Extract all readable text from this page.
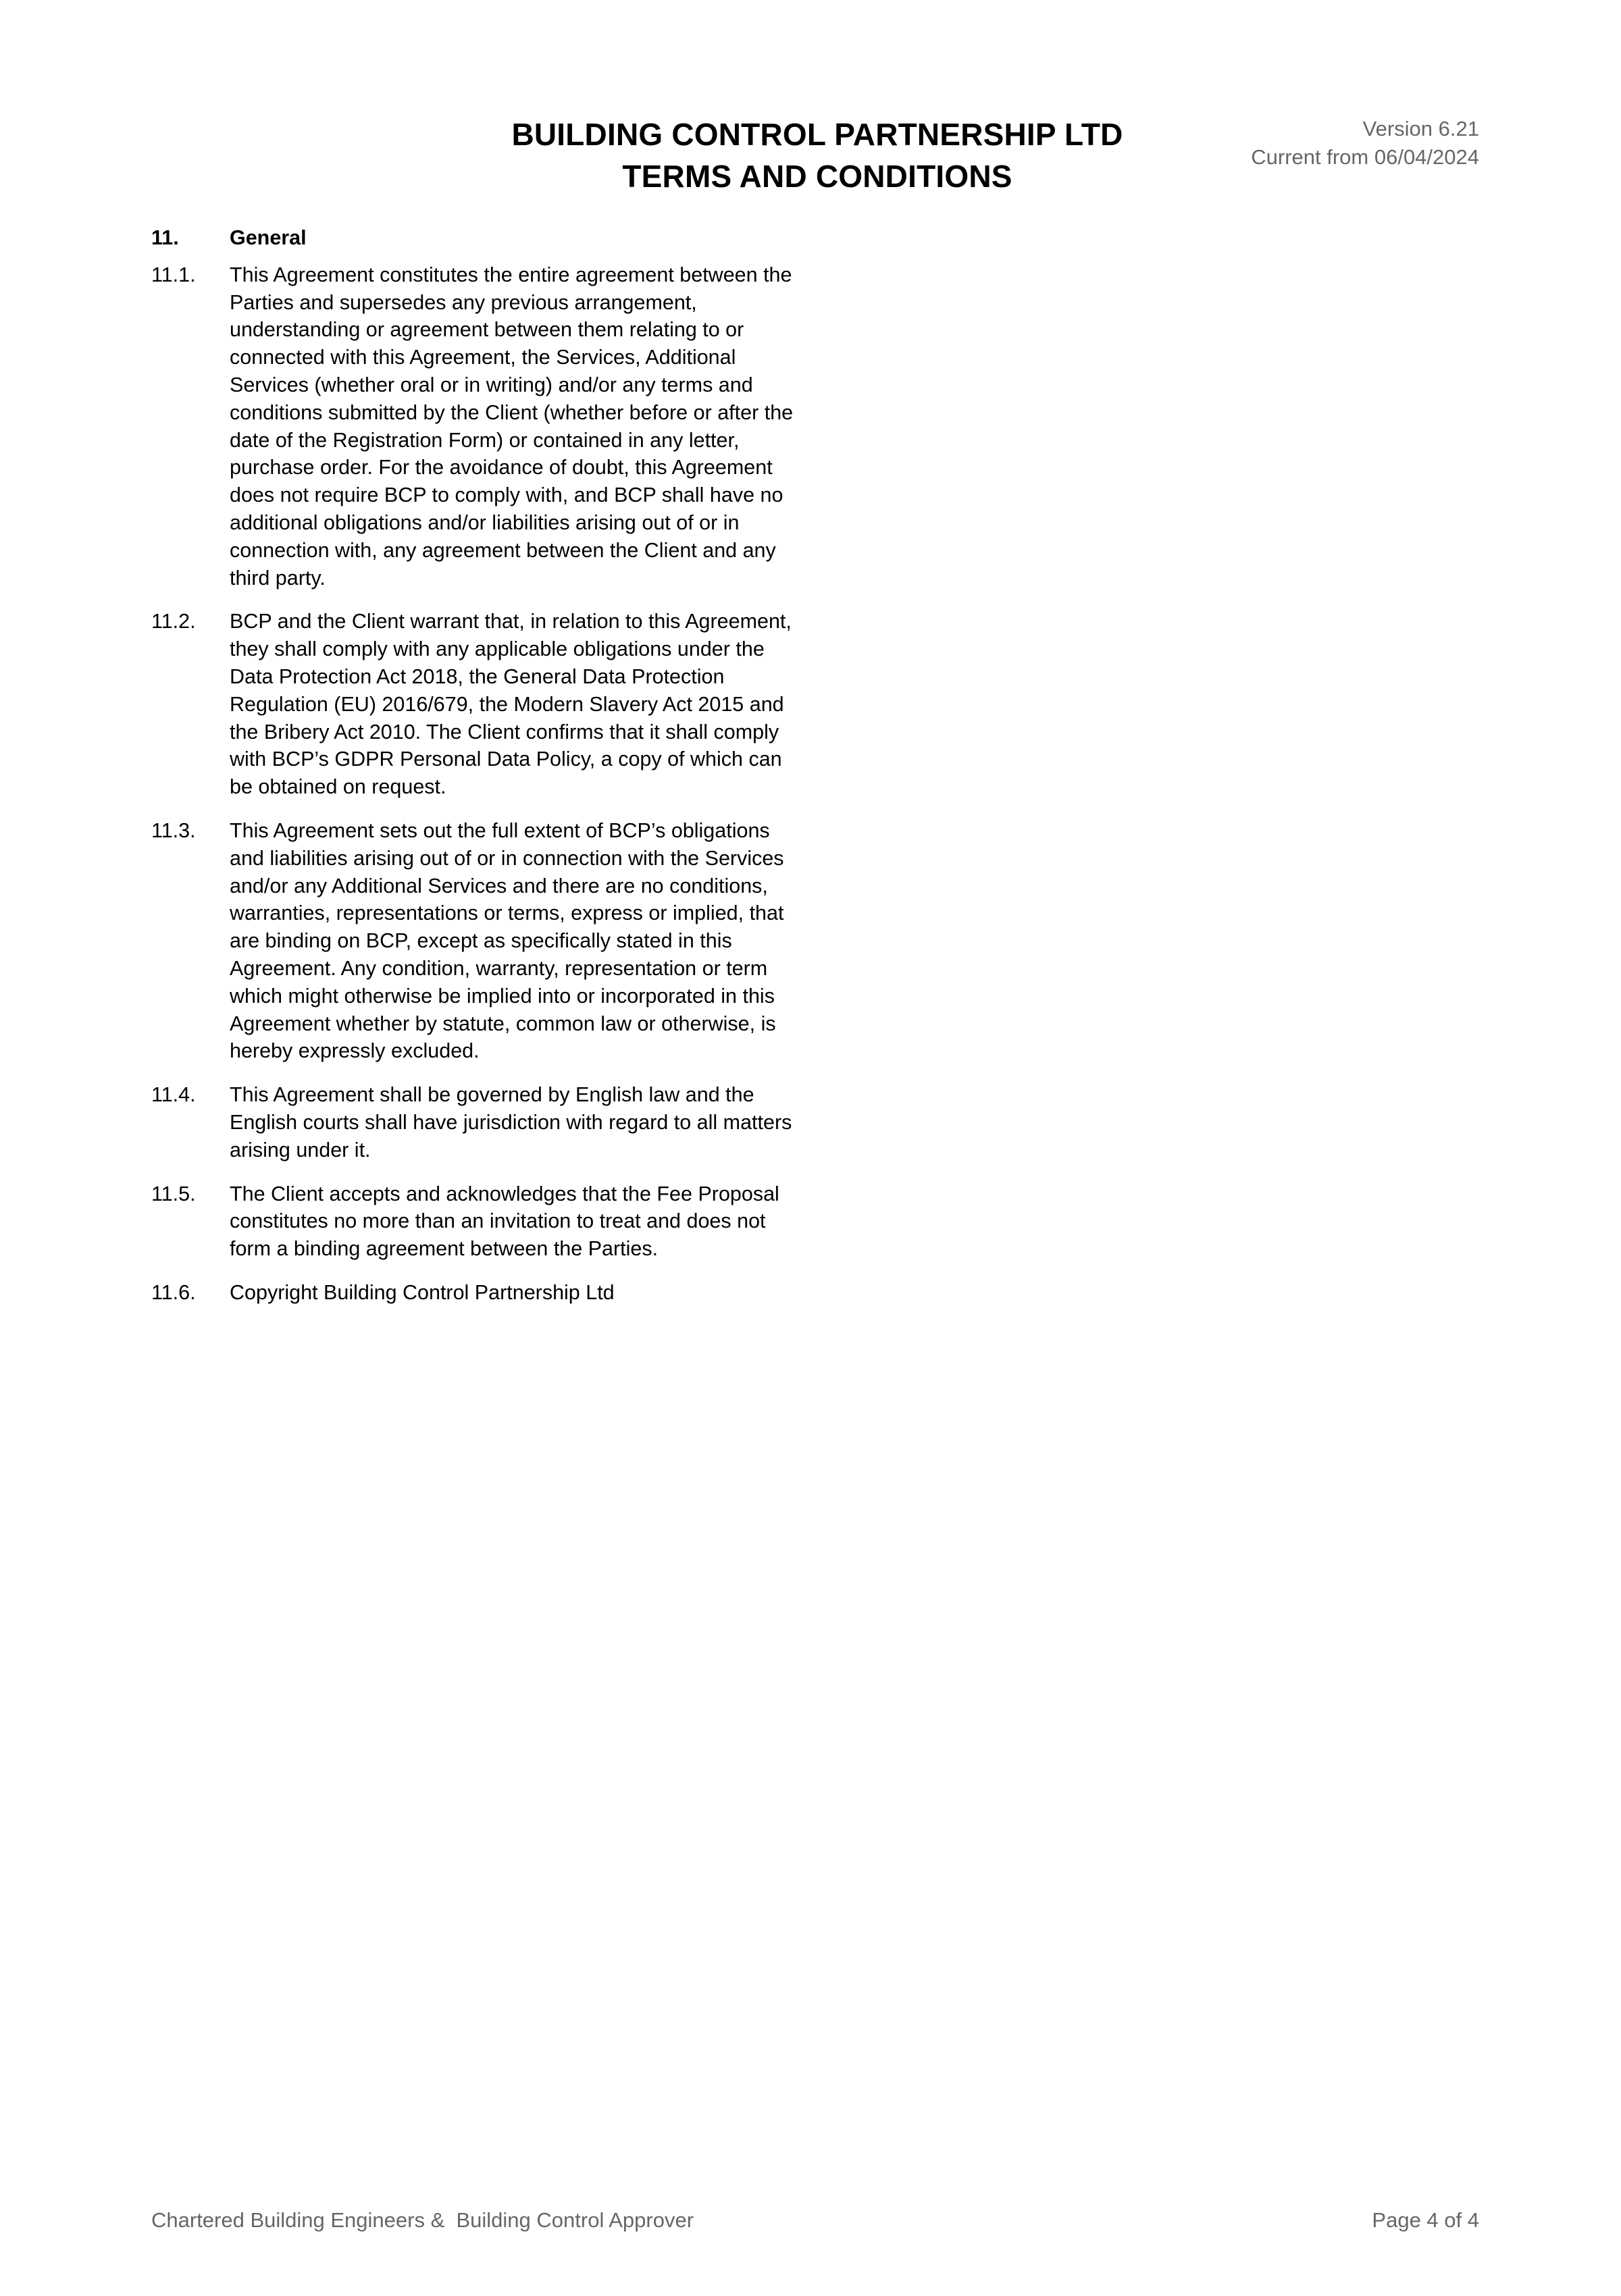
BUILDING CONTROL PARTNERSHIP LTD
TERMS AND CONDITIONS
Version 6.21
Current from 06/04/2024
11.	General
11.1.	This Agreement constitutes the entire agreement between the Parties and supersedes any previous arrangement, understanding or agreement between them relating to or connected with this Agreement, the Services, Additional Services (whether oral or in writing) and/or any terms and conditions submitted by the Client (whether before or after the date of the Registration Form) or contained in any letter, purchase order. For the avoidance of doubt, this Agreement does not require BCP to comply with, and BCP shall have no additional obligations and/or liabilities arising out of or in connection with, any agreement between the Client and any third party.
11.2.	BCP and the Client warrant that, in relation to this Agreement, they shall comply with any applicable obligations under the Data Protection Act 2018, the General Data Protection Regulation (EU) 2016/679, the Modern Slavery Act 2015 and the Bribery Act 2010. The Client confirms that it shall comply with BCP’s GDPR Personal Data Policy, a copy of which can be obtained on request.
11.3.	This Agreement sets out the full extent of BCP’s obligations and liabilities arising out of or in connection with the Services and/or any Additional Services and there are no conditions, warranties, representations or terms, express or implied, that are binding on BCP, except as specifically stated in this Agreement. Any condition, warranty, representation or term which might otherwise be implied into or incorporated in this Agreement whether by statute, common law or otherwise, is hereby expressly excluded.
11.4.	This Agreement shall be governed by English law and the English courts shall have jurisdiction with regard to all matters arising under it.
11.5.	The Client accepts and acknowledges that the Fee Proposal constitutes no more than an invitation to treat and does not form a binding agreement between the Parties.
11.6.	Copyright Building Control Partnership Ltd
Chartered Building Engineers &  Building Control Approver	Page 4 of 4
